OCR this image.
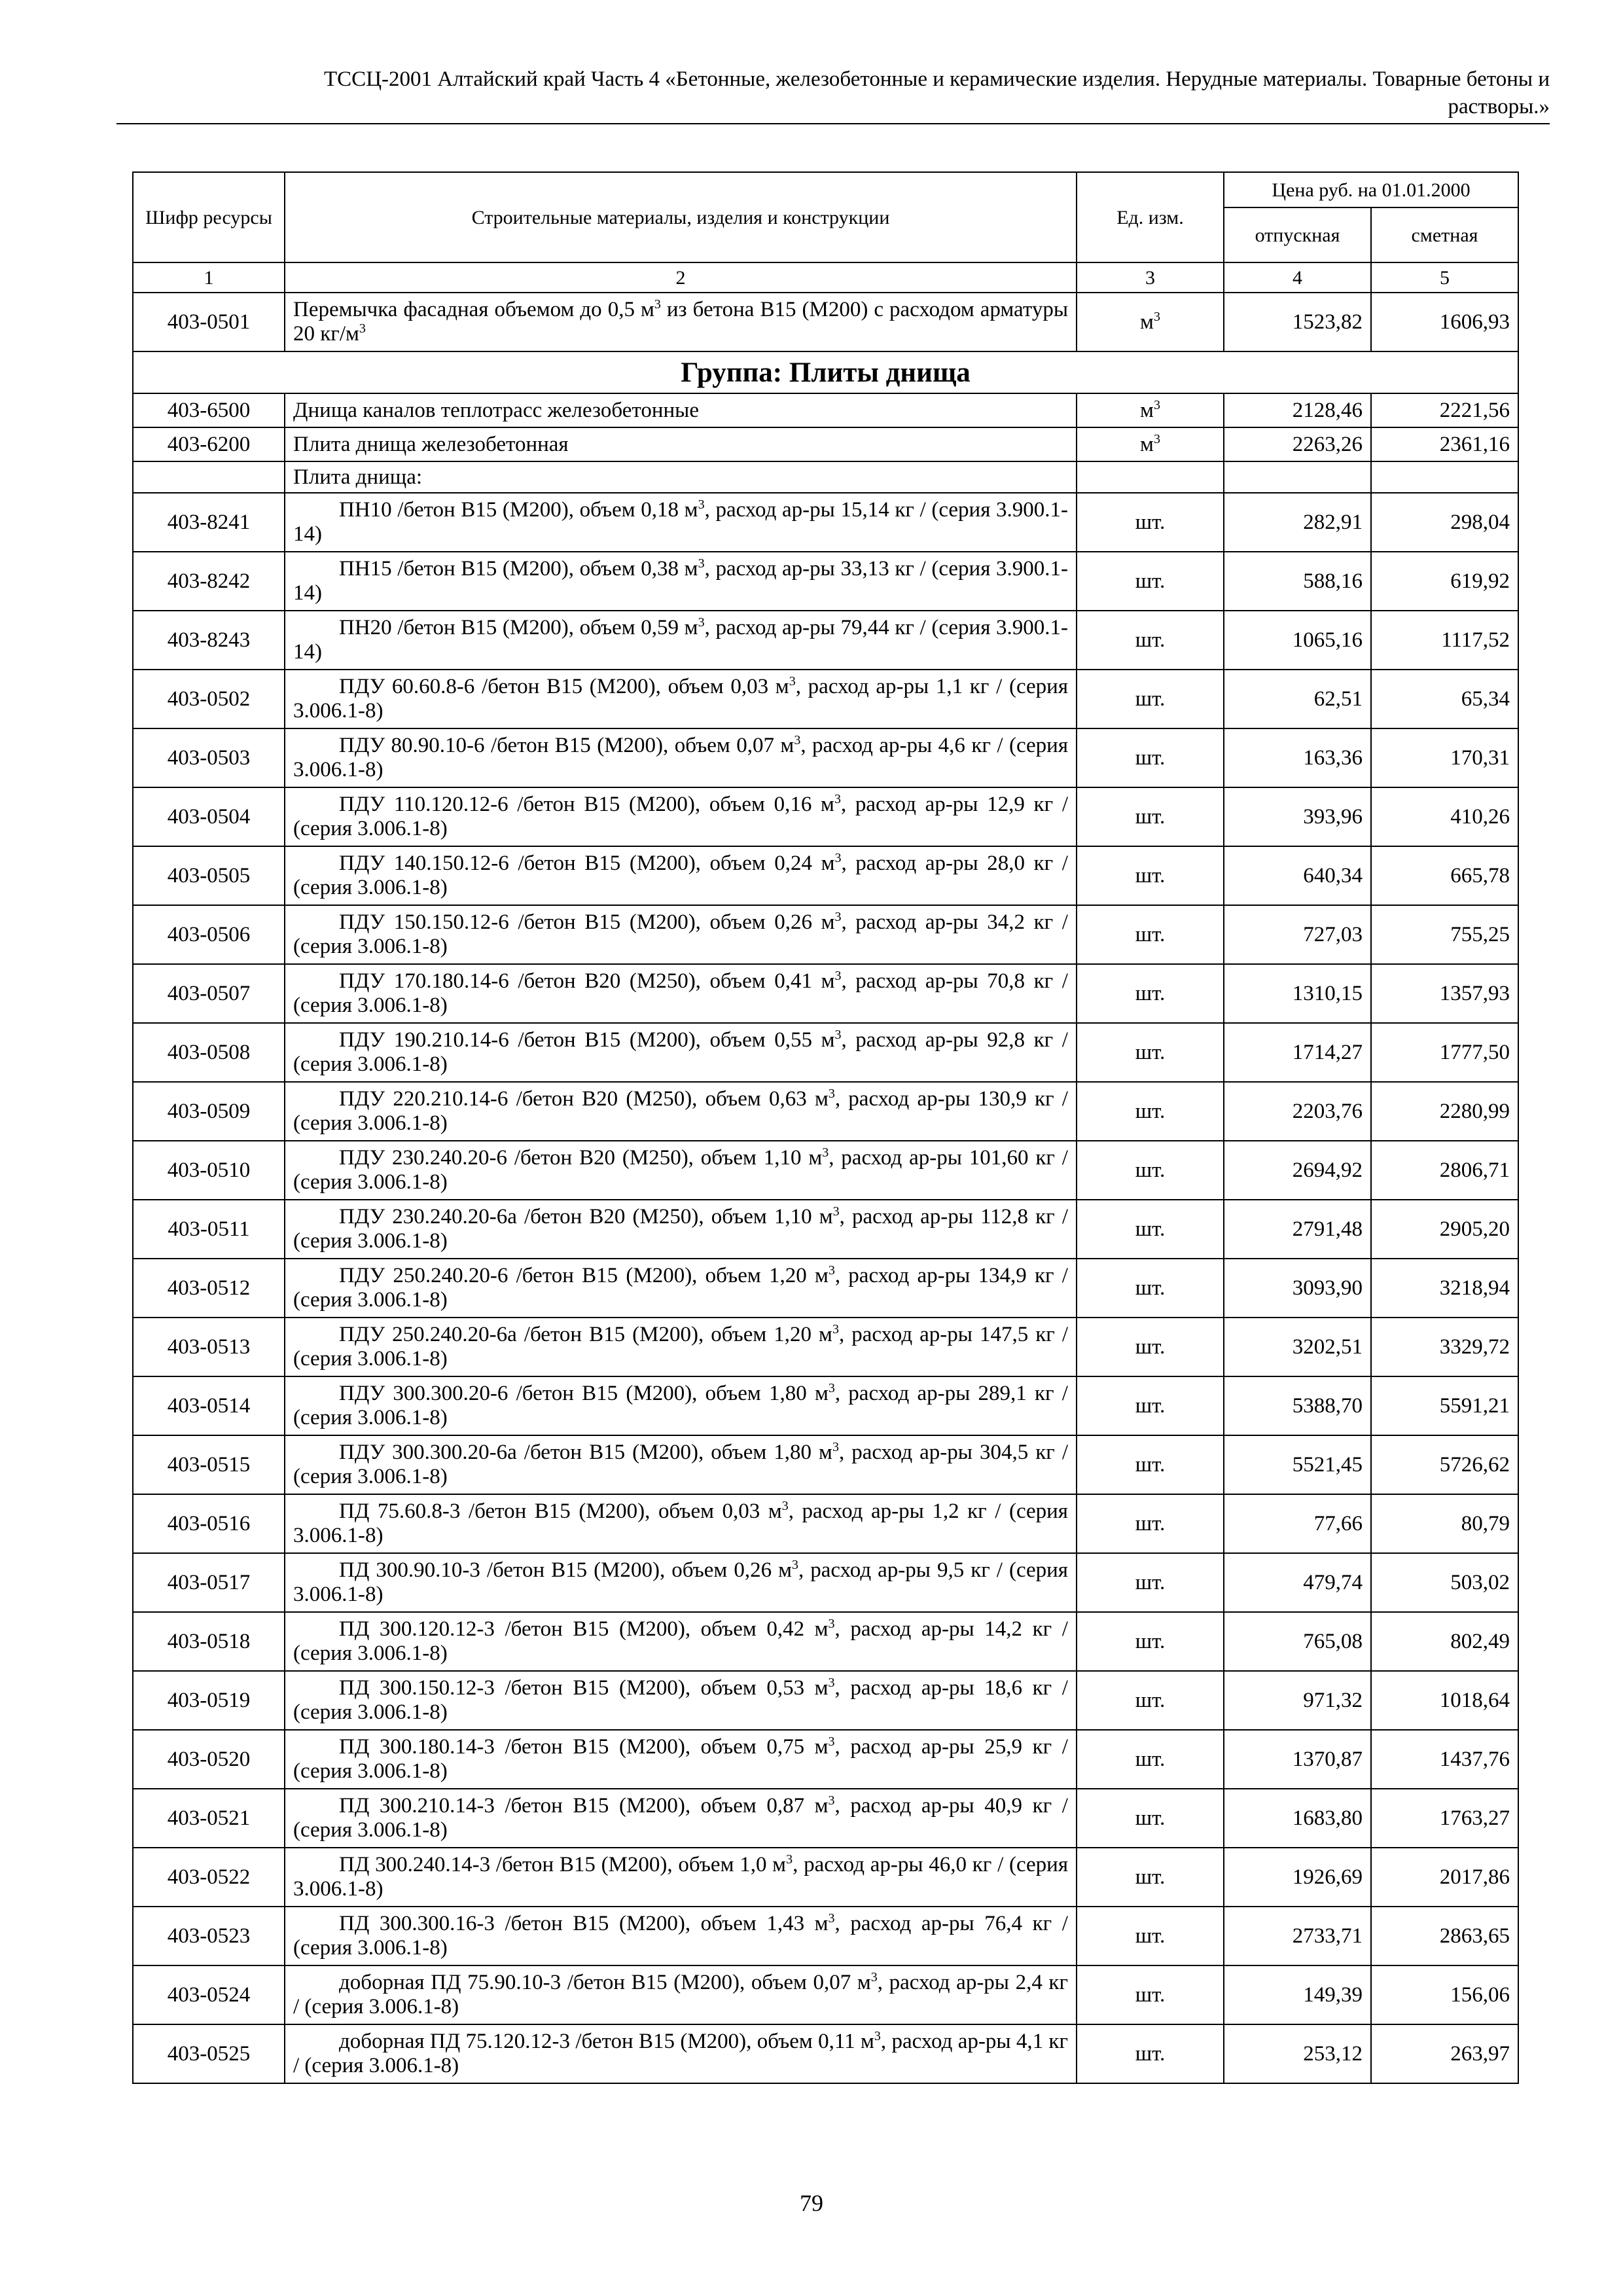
ТССЦ-2001 Алтайский край Часть 4 «Бетонные, железобетонные и керамические изделия. Нерудные материалы. Товарные бетоны и
растворы.»
Шифр ресурсы	Строительные материалы, изделия и конструкции	Ед. изм.	Цена руб. на 01.01.2000	
			отпускная	сметная
1	2	3	4	5
403-0501	Перемычка фасадная объемом до 0,5 $м^3$ из бетона В15 (М200) с расходом арматуры 20 $кг/м^3$	$м^3$	1523,82	1606,93
Группа: Плиты днища				
403-6500	Днища каналов теплотрасс железобетонные	$м^3$	2128,46	2221,56
403-6200	Плита днища железобетонная	$м^3$	2263,26	2361,16
	Плита днища:			
403-8241	ПН10 /бетон В15 (М200), объем 0,18 $м^3$, расход ар-ры 15,14 кг / (серия 3.900.1-14)	шт.	282,91	298,04
403-8242	ПН15 /бетон В15 (М200), объем 0,38 $м^3$, расход ар-ры 33,13 кг / (серия 3.900.1-14)	шт.	588,16	619,92
403-8243	ПН20 /бетон В15 (М200), объем 0,59 $м^3$, расход ар-ры 79,44 кг / (серия 3.900.1-14)	шт.	1065,16	1117,52
403-0502	ПДУ 60.60.8-6 /бетон В15 (М200), объем 0,03 $м^3$, расход ар-ры 1,1 кг / (серия 3.006.1-8)	шт.	62,51	65,34
403-0503	ПДУ 80.90.10-6 /бетон В15 (М200), объем 0,07 $м^3$, расход ар-ры 4,6 кг / (серия 3.006.1-8)	шт.	163,36	170,31
403-0504	ПДУ 110.120.12-6 /бетон В15 (М200), объем 0,16 $м^3$, расход ар-ры 12,9 кг / (серия 3.006.1-8)	шт.	393,96	410,26
403-0505	ПДУ 140.150.12-6 /бетон В15 (М200), объем 0,24 $м^3$, расход ар-ры 28,0 кг / (серия 3.006.1-8)	шт.	640,34	665,78
403-0506	ПДУ 150.150.12-6 /бетон В15 (М200), объем 0,26 $м^3$, расход ар-ры 34,2 кг / (серия 3.006.1-8)	шт.	727,03	755,25
403-0507	ПДУ 170.180.14-6 /бетон В20 (М250), объем 0,41 $м^3$, расход ар-ры 70,8 кг / (серия 3.006.1-8)	шт.	1310,15	1357,93
403-0508	ПДУ 190.210.14-6 /бетон В15 (М200), объем 0,55 $м^3$, расход ар-ры 92,8 кг / (серия 3.006.1-8)	шт.	1714,27	1777,50
403-0509	ПДУ 220.210.14-6 /бетон В20 (М250), объем 0,63 $м^3$, расход ар-ры 130,9 кг / (серия 3.006.1-8)	шт.	2203,76	2280,99
403-0510	ПДУ 230.240.20-6 /бетон В20 (М250), объем 1,10 $м^3$, расход ар-ры 101,60 кг / (серия 3.006.1-8)	шт.	2694,92	2806,71
403-0511	ПДУ 230.240.20-6а /бетон В20 (М250), объем 1,10 $м^3$, расход ар-ры 112,8 кг / (серия 3.006.1-8)	шт.	2791,48	2905,20
403-0512	ПДУ 250.240.20-6 /бетон В15 (М200), объем 1,20 $м^3$, расход ар-ры 134,9 кг / (серия 3.006.1-8)	шт.	3093,90	3218,94
403-0513	ПДУ 250.240.20-6а /бетон В15 (М200), объем 1,20 $м^3$, расход ар-ры 147,5 кг / (серия 3.006.1-8)	шт.	3202,51	3329,72
403-0514	ПДУ 300.300.20-6 /бетон В15 (М200), объем 1,80 $м^3$, расход ар-ры 289,1 кг / (серия 3.006.1-8)	шт.	5388,70	5591,21
403-0515	ПДУ 300.300.20-6а /бетон В15 (М200), объем 1,80 $м^3$, расход ар-ры 304,5 кг / (серия 3.006.1-8)	шт.	5521,45	5726,62
403-0516	ПД 75.60.8-3 /бетон В15 (М200), объем 0,03 $м^3$, расход ар-ры 1,2 кг / (серия 3.006.1-8)	шт.	77,66	80,79
403-0517	ПД 300.90.10-3 /бетон В15 (М200), объем 0,26 $м^3$, расход ар-ры 9,5 кг / (серия 3.006.1-8)	шт.	479,74	503,02
403-0518	ПД 300.120.12-3 /бетон В15 (М200), объем 0,42 $м^3$, расход ар-ры 14,2 кг / (серия 3.006.1-8)	шт.	765,08	802,49
403-0519	ПД 300.150.12-3 /бетон В15 (М200), объем 0,53 $м^3$, расход ар-ры 18,6 кг / (серия 3.006.1-8)	шт.	971,32	1018,64
403-0520	ПД 300.180.14-3 /бетон В15 (М200), объем 0,75 $м^3$, расход ар-ры 25,9 кг / (серия 3.006.1-8)	шт.	1370,87	1437,76
403-0521	ПД 300.210.14-3 /бетон В15 (М200), объем 0,87 $м^3$, расход ар-ры 40,9 кг / (серия 3.006.1-8)	шт.	1683,80	1763,27
403-0522	ПД 300.240.14-3 /бетон В15 (М200), объем 1,0 $м^3$, расход ар-ры 46,0 кг / (серия 3.006.1-8)	шт.	1926,69	2017,86
403-0523	ПД 300.300.16-3 /бетон В15 (М200), объем 1,43 $м^3$, расход ар-ры 76,4 кг / (серия 3.006.1-8)	шт.	2733,71	2863,65
403-0524	доборная ПД 75.90.10-3 /бетон В15 (М200), объем 0,07 $м^3$, расход ар-ры 2,4 кг / (серия 3.006.1-8)	шт.	149,39	156,06
403-0525	доборная ПД 75.120.12-3 /бетон В15 (М200), объем 0,11 $м^3$, расход ар-ры 4,1 кг / (серия 3.006.1-8)	шт.	253,12	263,97
79
